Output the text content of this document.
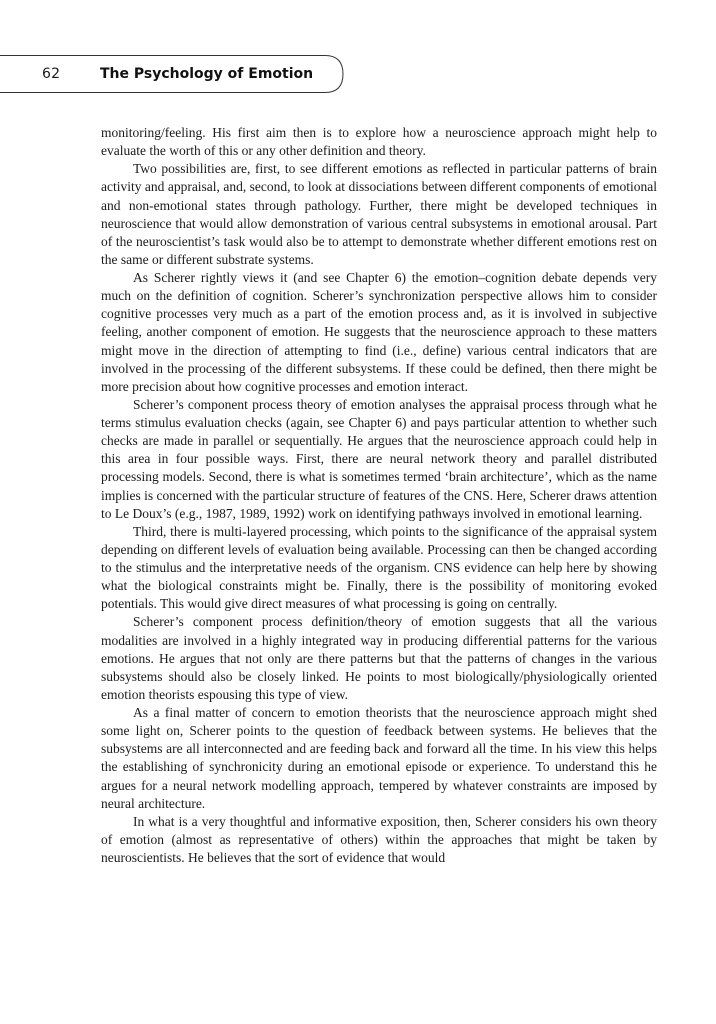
62	The Psychology of Emotion

monitoring/feeling. His first aim then is to explore how a neuroscience approach might help to evaluate the worth of this or any other definition and theory.

Two possibilities are, first, to see different emotions as reflected in particular patterns of brain activity and appraisal, and, second, to look at dissociations between different components of emotional and non-emotional states through pathology. Further, there might be developed techniques in neuroscience that would allow demonstration of various central subsystems in emotional arousal. Part of the neuroscientist’s task would also be to attempt to demonstrate whether different emotions rest on the same or different substrate systems.

As Scherer rightly views it (and see Chapter 6) the emotion–cognition debate depends very much on the definition of cognition. Scherer’s synchronization perspective allows him to consider cognitive processes very much as a part of the emotion process and, as it is involved in subjective feeling, another component of emotion. He suggests that the neuroscience approach to these matters might move in the direction of attempting to find (i.e., define) various central indicators that are involved in the processing of the different subsystems. If these could be defined, then there might be more precision about how cognitive processes and emotion interact.

Scherer’s component process theory of emotion analyses the appraisal process through what he terms stimulus evaluation checks (again, see Chapter 6) and pays particular attention to whether such checks are made in parallel or sequentially. He argues that the neuroscience approach could help in this area in four possible ways. First, there are neural network theory and parallel distributed processing models. Second, there is what is sometimes termed ‘brain architecture’, which as the name implies is concerned with the particular structure of features of the CNS. Here, Scherer draws attention to Le Doux’s (e.g., 1987, 1989, 1992) work on identifying pathways involved in emotional learning.

Third, there is multi-layered processing, which points to the significance of the appraisal system depending on different levels of evaluation being available. Processing can then be changed according to the stimulus and the interpretative needs of the organism. CNS evidence can help here by showing what the biological constraints might be. Finally, there is the possibility of monitoring evoked potentials. This would give direct measures of what processing is going on centrally.

Scherer’s component process definition/theory of emotion suggests that all the various modalities are involved in a highly integrated way in producing differential patterns for the various emotions. He argues that not only are there patterns but that the patterns of changes in the various subsystems should also be closely linked. He points to most biologically/physiologically oriented emotion theorists espousing this type of view.

As a final matter of concern to emotion theorists that the neuroscience approach might shed some light on, Scherer points to the question of feedback between systems. He believes that the subsystems are all interconnected and are feeding back and forward all the time. In his view this helps the establishing of synchronicity during an emotional episode or experience. To understand this he argues for a neural network modelling approach, tempered by whatever constraints are imposed by neural architecture.

In what is a very thoughtful and informative exposition, then, Scherer considers his own theory of emotion (almost as representative of others) within the approaches that might be taken by neuroscientists. He believes that the sort of evidence that would
